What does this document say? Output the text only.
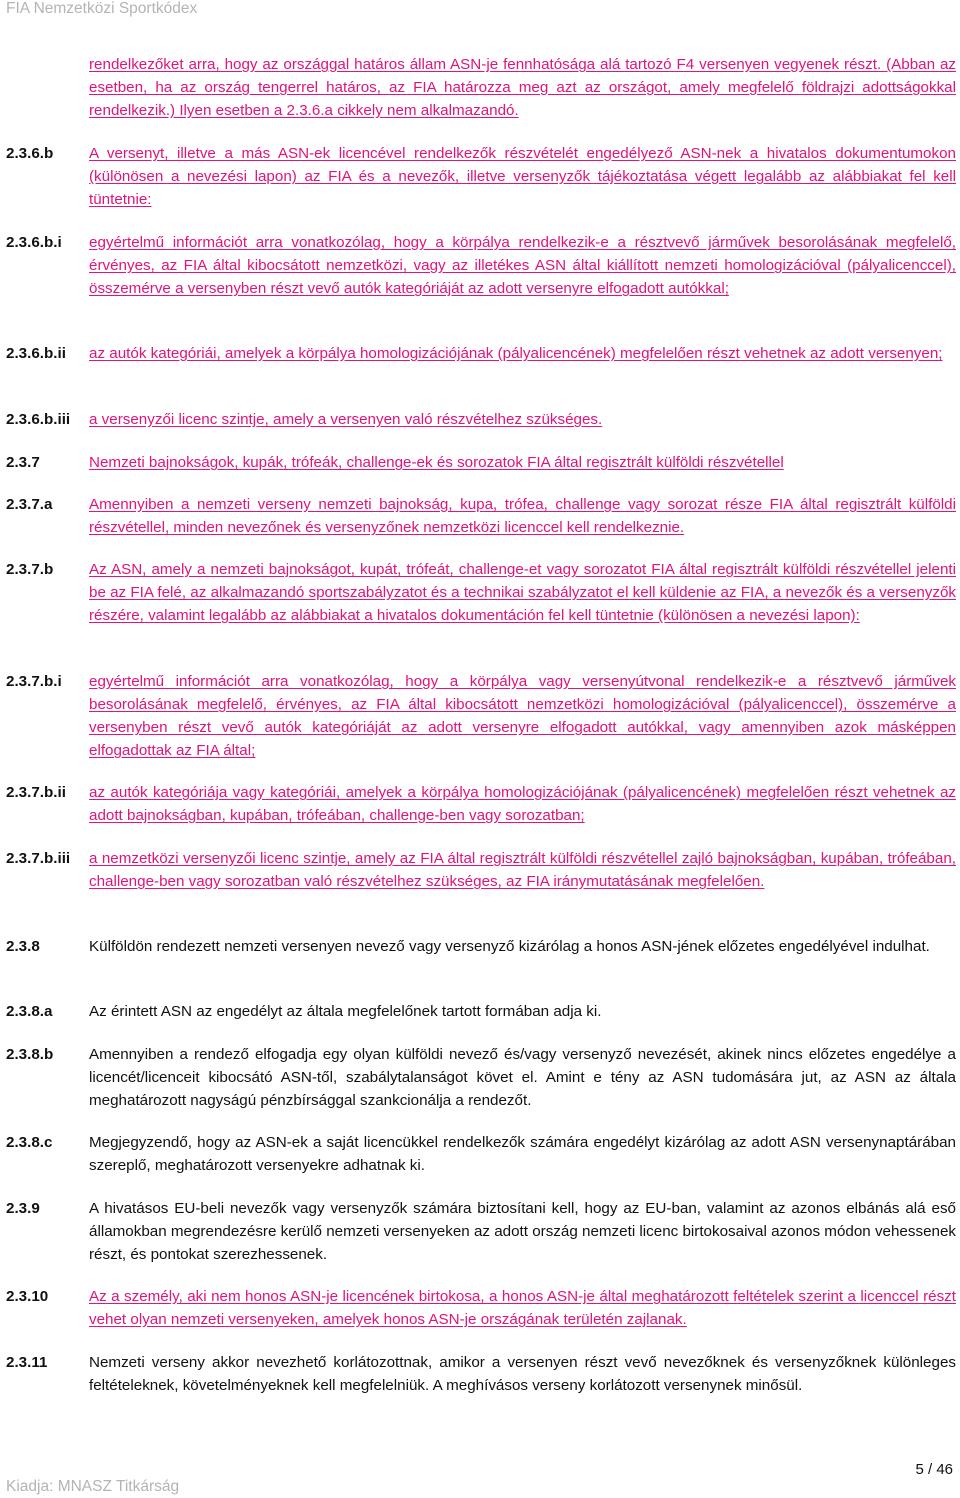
FIA Nemzetközi Sportkódex
rendelkezőket arra, hogy az országgal határos állam ASN-je fennhatósága alá tartozó F4 versenyen vegyenek részt. (Abban az esetben, ha az ország tengerrel határos, az FIA határozza meg azt az országot, amely megfelelő földrajzi adottságokkal rendelkezik.) Ilyen esetben a 2.3.6.a cikkely nem alkalmazandó.
2.3.6.b	A versenyt, illetve a más ASN-ek licencével rendelkezők részvételét engedélyező ASN-nek a hivatalos dokumentumokon (különösen a nevezési lapon) az FIA és a nevezők, illetve versenyzők tájékoztatása végett legalább az alábbiakat fel kell tüntetnie:
2.3.6.b.i	egyértelmű információt arra vonatkozólag, hogy a körpálya rendelkezik-e a résztvevő járművek besorolásának megfelelő, érvényes, az FIA által kibocsátott nemzetközi, vagy az illetékes ASN által kiállított nemzeti homologizációval (pályalicenccel), összemérve a versenyben részt vevő autók kategóriáját az adott versenyre elfogadott autókkal;
2.3.6.b.ii	az autók kategóriái, amelyek a körpálya homologizációjának (pályalicencének) megfelelően részt vehetnek az adott versenyen;
2.3.6.b.iii	a versenyzői licenc szintje, amely a versenyen való részvételhez szükséges.
2.3.7	Nemzeti bajnokságok, kupák, trófeák, challenge-ek és sorozatok FIA által regisztrált külföldi részvétellel
2.3.7.a	Amennyiben a nemzeti verseny nemzeti bajnokság, kupa, trófea, challenge vagy sorozat része FIA által regisztrált külföldi részvétellel, minden nevezőnek és versenyzőnek nemzetközi licenccel kell rendelkeznie.
2.3.7.b	Az ASN, amely a nemzeti bajnokságot, kupát, trófeát, challenge-et vagy sorozatot FIA által regisztrált külföldi részvétellel jelenti be az FIA felé, az alkalmazandó sportszabályzatot és a technikai szabályzatot el kell küldenie az FIA, a nevezők és a versenyzők részére, valamint legalább az alábbiakat a hivatalos dokumentáción fel kell tüntetnie (különösen a nevezési lapon):
2.3.7.b.i	egyértelmű információt arra vonatkozólag, hogy a körpálya vagy versenyútvonal rendelkezik-e a résztvevő járművek besorolásának megfelelő, érvényes, az FIA által kibocsátott nemzetközi homologizációval (pályalicenccel), összemérve a versenyben részt vevő autók kategóriáját az adott versenyre elfogadott autókkal, vagy amennyiben azok másképpen elfogadottak az FIA által;
2.3.7.b.ii	az autók kategóriája vagy kategóriái, amelyek a körpálya homologizációjának (pályalicencének) megfelelően részt vehetnek az adott bajnokságban, kupában, trófeában, challenge-ben vagy sorozatban;
2.3.7.b.iii	a nemzetközi versenyzői licenc szintje, amely az FIA által regisztrált külföldi részvétellel zajló bajnokságban, kupában, trófeában, challenge-ben vagy sorozatban való részvételhez szükséges, az FIA iránymutatásának megfelelően.
2.3.8	Külföldön rendezett nemzeti versenyen nevező vagy versenyző kizárólag a honos ASN-jének előzetes engedélyével indulhat.
2.3.8.a	Az érintett ASN az engedélyt az általa megfelelőnek tartott formában adja ki.
2.3.8.b	Amennyiben a rendező elfogadja egy olyan külföldi nevező és/vagy versenyző nevezését, akinek nincs előzetes engedélye a licencét/licenceit kibocsátó ASN-től, szabálytalanságot követ el. Amint e tény az ASN tudomására jut, az ASN az általa meghatározott nagyságú pénzbírsággal szankcionálja a rendezőt.
2.3.8.c	Megjegyzendő, hogy az ASN-ek a saját licencükkel rendelkezők számára engedélyt kizárólag az adott ASN versenynaptárában szereplő, meghatározott versenyekre adhatnak ki.
2.3.9	A hivatásos EU-beli nevezők vagy versenyzők számára biztosítani kell, hogy az EU-ban, valamint az azonos elbánás alá eső államokban megrendezésre kerülő nemzeti versenyeken az adott ország nemzeti licenc birtokosaival azonos módon vehessenek részt, és pontokat szerezhessenek.
2.3.10	Az a személy, aki nem honos ASN-je licencének birtokosa, a honos ASN-je által meghatározott feltételek szerint a licenccel részt vehet olyan nemzeti versenyeken, amelyek honos ASN-je országának területén zajlanak.
2.3.11	Nemzeti verseny akkor nevezhető korlátozottnak, amikor a versenyen részt vevő nevezőknek és versenyzőknek különleges feltételeknek, követelményeknek kell megfelelniük. A meghívásos verseny korlátozott versenynek minősül.
5 / 46
Kiadja: MNASZ Titkárság
